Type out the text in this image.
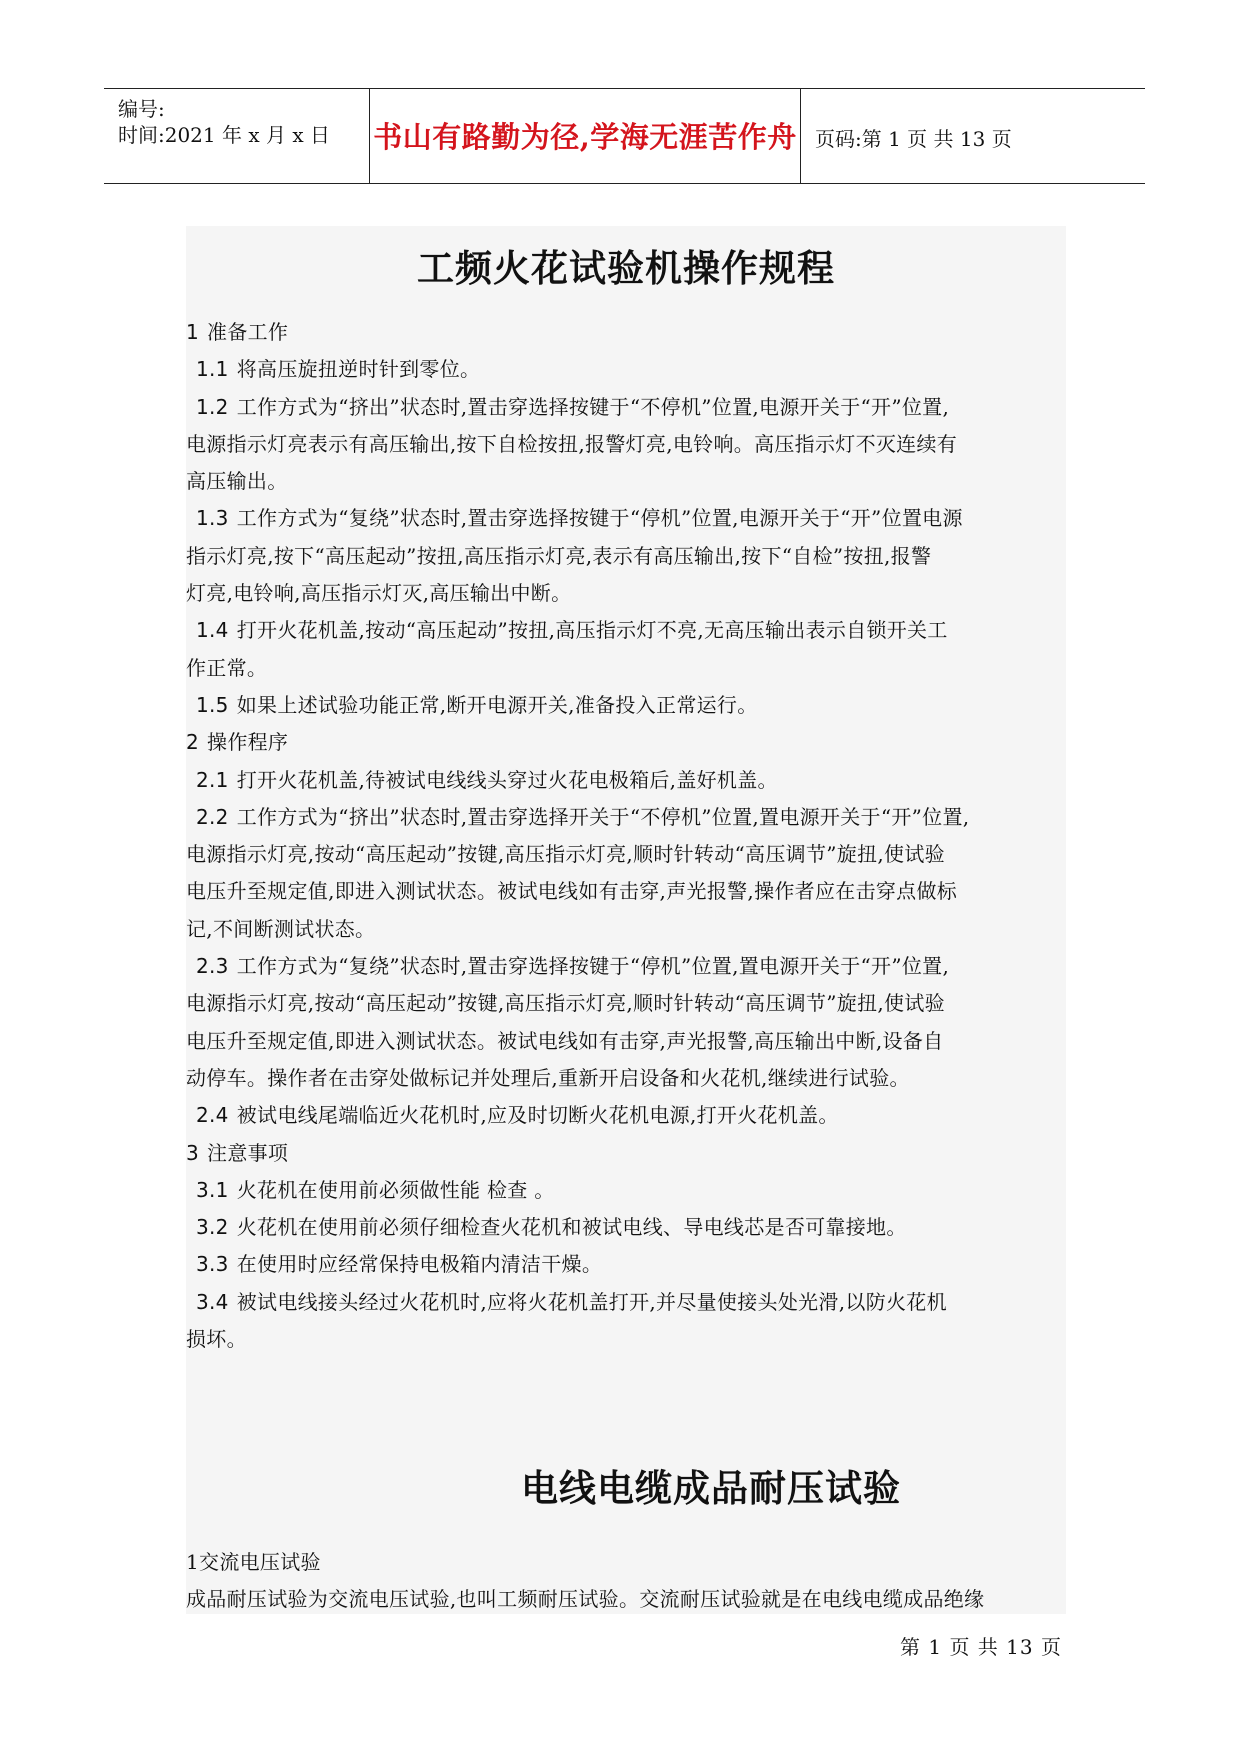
编号:
时间:2021 年 x 月 x 日 书山有路勤为径,学海无涯苦作舟 页码:第 1 页 共 13 页
工频火花试验机操作规程
1 准备工作
1.1 将高压旋扭逆时针到零位。
1.2 工作方式为“挤出”状态时,置击穿选择按键于“不停机”位置,电源开关于“开”位置,
电源指示灯亮表示有高压输出,按下自检按扭,报警灯亮,电铃响。高压指示灯不灭连续有
高压输出。
1.3 工作方式为“复绕”状态时,置击穿选择按键于“停机”位置,电源开关于“开”位置电源
指示灯亮,按下“高压起动”按扭,高压指示灯亮,表示有高压输出,按下“自检”按扭,报警
灯亮,电铃响,高压指示灯灭,高压输出中断。
1.4 打开火花机盖,按动“高压起动”按扭,高压指示灯不亮,无高压输出表示自锁开关工
作正常。
1.5 如果上述试验功能正常,断开电源开关,准备投入正常运行。
2 操作程序
2.1 打开火花机盖,待被试电线线头穿过火花电极箱后,盖好机盖。
2.2 工作方式为“挤出”状态时,置击穿选择开关于“不停机”位置,置电源开关于“开”位置,
电源指示灯亮,按动“高压起动”按键,高压指示灯亮,顺时针转动“高压调节”旋扭,使试验
电压升至规定值,即进入测试状态。被试电线如有击穿,声光报警,操作者应在击穿点做标
记,不间断测试状态。
2.3 工作方式为“复绕”状态时,置击穿选择按键于“停机”位置,置电源开关于“开”位置,
电源指示灯亮,按动“高压起动”按键,高压指示灯亮,顺时针转动“高压调节”旋扭,使试验
电压升至规定值,即进入测试状态。被试电线如有击穿,声光报警,高压输出中断,设备自
动停车。操作者在击穿处做标记并处理后,重新开启设备和火花机,继续进行试验。
2.4 被试电线尾端临近火花机时,应及时切断火花机电源,打开火花机盖。
3 注意事项
3.1 火花机在使用前必须做性能 检查 。
3.2 火花机在使用前必须仔细检查火花机和被试电线、导电线芯是否可靠接地。
3.3 在使用时应经常保持电极箱内清洁干燥。
3.4 被试电线接头经过火花机时,应将火花机盖打开,并尽量使接头处光滑,以防火花机
损坏。
电线电缆成品耐压试验
1交流电压试验
成品耐压试验为交流电压试验,也叫工频耐压试验。交流耐压试验就是在电线电缆成品绝缘
第 1 页 共 13 页
